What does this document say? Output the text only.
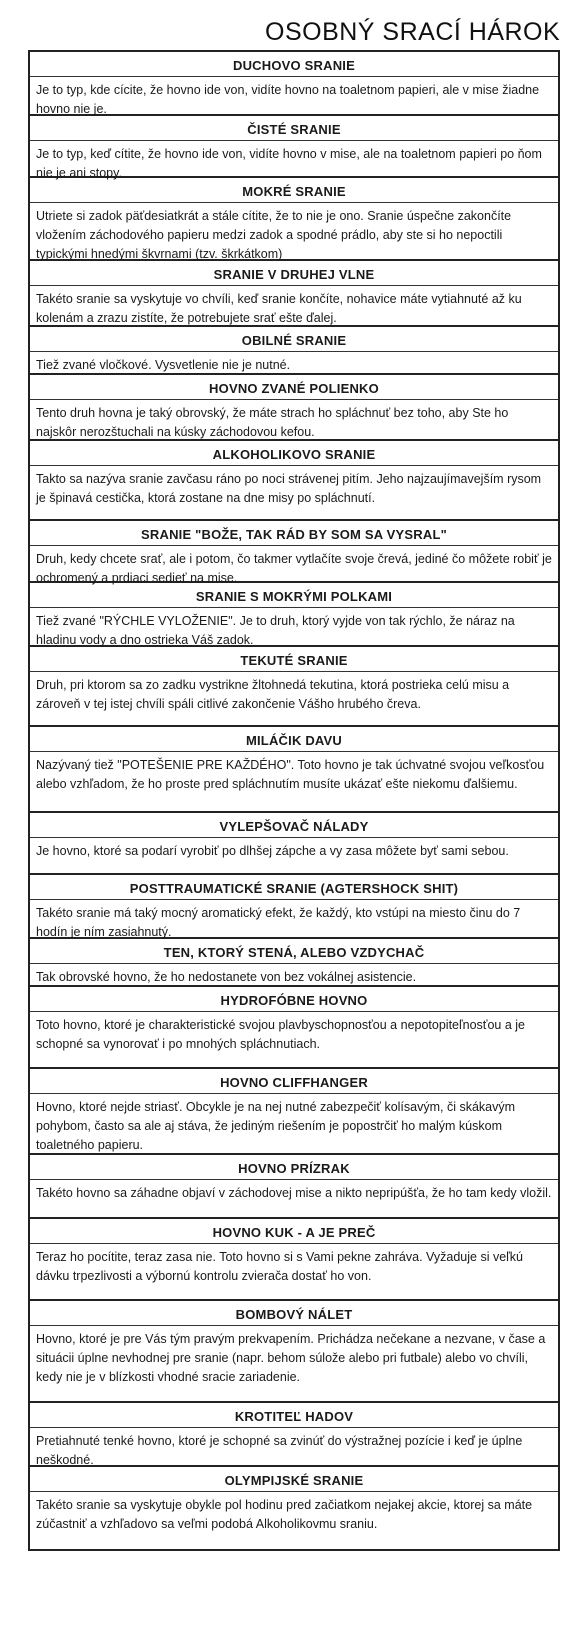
OSOBNÝ SRACÍ HÁROK
DUCHOVO SRANIE
Je to typ, kde cícite, že hovno ide von, vidíte hovno na toaletnom papieri, ale v mise žiadne hovno nie je.
ČISTÉ SRANIE
Je to typ, keď cítite, že hovno ide von, vidíte hovno v mise, ale na toaletnom papieri po ňom nie je ani stopy.
MOKRÉ SRANIE
Utriete si zadok päťdesiatkrát a stále cítite, že to nie je ono. Sranie úspečne zakončíte vložením záchodového papieru medzi zadok a spodné prádlo, aby ste si ho nepoctili typickými hnedými škvrnami (tzv. škrkátkom)
SRANIE V DRUHEJ VLNE
Takéto sranie sa vyskytuje vo chvíli, keď sranie končíte, nohavice máte vytiahnuté až ku kolenám a zrazu zistíte, že potrebujete srať ešte ďalej.
OBILNÉ SRANIE
Tiež zvané vločkové. Vysvetlenie nie je nutné.
HOVNO ZVANÉ POLIENKO
Tento druh hovna je taký obrovský, že máte strach ho spláchnuť bez toho, aby Ste ho najskôr nerozštuchali na kúsky záchodovou kefou.
ALKOHOLIKOVO SRANIE
Takto sa nazýva sranie zavčasu ráno po noci strávenej pitím. Jeho najzaujímavejším rysom je špinavá cestička, ktorá zostane na dne misy po spláchnutí.
SRANIE "BOŽE, TAK RÁD BY SOM SA VYSRAL"
Druh, kedy chcete srať, ale i potom, čo takmer vytlačíte svoje črevá, jediné čo môžete robiť je ochromený a prdiaci sedieť na mise.
SRANIE S MOKRÝMI POLKAMI
Tiež zvané "RÝCHLE VYLOŽENIE". Je to druh, ktorý vyjde von tak rýchlo, že náraz na hladinu vody a dno ostrieka Váš zadok.
TEKUTÉ SRANIE
Druh, pri ktorom sa zo zadku vystrikne žltohnedá tekutina, ktorá postrieka celú misu a zároveň v tej istej chvíli spáli citlivé zakončenie Vášho hrubého čreva.
MILÁČIK DAVU
Nazývaný tiež "POTEŠENIE PRE KAŽDÉHO". Toto hovno je tak úchvatné svojou veľkosťou alebo vzhľadom, že ho proste pred spláchnutím musíte ukázať ešte niekomu ďalšiemu.
VYLEPŠOVAČ NÁLADY
Je hovno, ktoré sa podarí vyrobiť po dlhšej zápche a vy zasa môžete byť sami sebou.
POSTTRAUMATICKÉ SRANIE (AGTERSHOCK SHIT)
Takéto sranie má taký mocný aromatický efekt, že každý, kto vstúpi na miesto činu do 7 hodín je ním zasiahnutý.
TEN, KTORÝ STENÁ, ALEBO VZDYCHAČ
Tak obrovské hovno, že ho nedostanete von bez vokálnej asistencie.
HYDROFÓBNE HOVNO
Toto hovno, ktoré je charakteristické svojou plavbyschopnosťou a nepotopiteľnosťou a je schopné sa vynorovať i po mnohých spláchnutiach.
HOVNO CLIFFHANGER
Hovno, ktoré nejde striasť. Obcykle je na nej nutné zabezpečiť kolísavým, či skákavým pohybom, často sa ale aj stáva, že jediným riešením je popostrčiť ho malým kúskom toaletného papieru.
HOVNO PRÍZRAK
Takéto hovno sa záhadne objaví v záchodovej mise a nikto nepripúšťa, že ho tam kedy vložil.
HOVNO KUK - A JE PREČ
Teraz ho pocítite, teraz zasa nie. Toto hovno si s Vami pekne zahráva. Vyžaduje si veľkú dávku trpezlivosti a výbornú kontrolu zvierača dostať ho von.
BOMBOVÝ NÁLET
Hovno, ktoré je pre Vás tým pravým prekvapením. Prichádza nečekane a nezvane, v čase a situácii úplne nevhodnej pre sranie (napr. behom súlože alebo pri futbale) alebo vo chvíli, kedy nie je v blízkosti vhodné sracie zariadenie.
KROTITEĽ HADOV
Pretiahnuté tenké hovno, ktoré je schopné sa zvinúť do výstražnej pozície i keď je úplne neškodné.
OLYMPIJSKÉ SRANIE
Takéto sranie sa vyskytuje obykle pol hodinu pred začiatkom nejakej akcie, ktorej sa máte zúčastniť a vzhľadovo sa veľmi podobá Alkoholikovmu sraniu.
